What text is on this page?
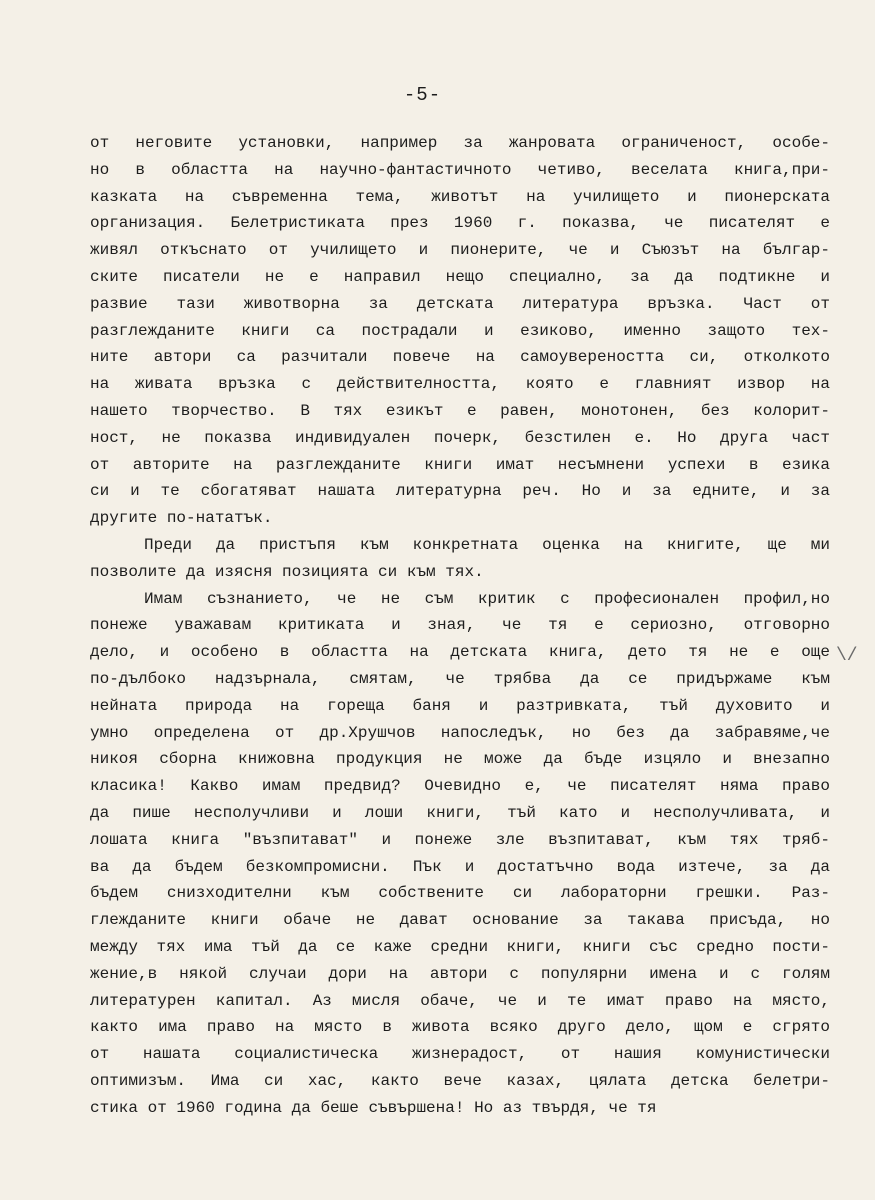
-5-
от неговите установки, например за жанровата ограниченост, особе-
но в областта на научно-фантастичното четиво, веселата книга,при-
казката на съвременна тема, животът на училището и пионерската
организация. Белетристиката през 1960 г. показва, че писателят е
живял откъснато от училището и пионерите, че и Съюзът на българ-
ските писатели не е направил нещо специално, за да подтикне и
развие тази животворна за детската литература връзка. Част от
разглежданите книги са пострадали и езиково, именно защото тех-
ните автори са разчитали повече на самоувереността си, отколкото
на живата връзка с действителността, която е главният извор на
нашето творчество. В тях езикът е равен, монотонен, без колорит-
ност, не показва индивидуален почерк, безстилен е. Но друга част
от авторите на разглежданите книги имат несъмнени успехи в езика
си и те сбогатяват нашата литературна реч. Но и за едните, и за
другите по-нататък.
Преди да пристъпя към конкретната оценка на книгите, ще ми
позволите да изясня позицията си към тях.
Имам съзнанието, че не съм критик с професионален профил,но
понеже уважавам критиката и зная, че тя е сериозно, отговорно
дело, и особено в областта на детската книга, дето тя не е още
по-дълбоко надзърнала, смятам, че трябва да се придържаме към
нейната природа на гореща баня и разтривката, тъй духовито и
умно определена от др.Хрушчов напоследък, но без да забравяме,че
никоя сборна книжовна продукция не може да бъде изцяло и внезапно
класика! Какво имам предвид? Очевидно е, че писателят няма право
да пише несполучливи и лоши книги, тъй като и несполучливата, и
лошата книга "възпитават" и понеже зле възпитават, към тях тряб-
ва да бъдем безкомпромисни. Пък и достатъчно вода изтече, за да
бъдем снизходителни към собствените си лабораторни грешки. Раз-
глежданите книги обаче не дават основание за такава присъда, но
между тях има тъй да се каже средни книги, книги със средно пости-
жение,в някой случаи дори на автори с популярни имена и с голям
литературен капитал. Аз мисля обаче, че и те имат право на място,
както има право на място в живота всяко друго дело, щом е сгрято
от нашата социалистическа жизнерадост, от нашия комунистически
оптимизъм. Има си хас, както вече казах, цялата детска белетри-
стика от 1960 година да беше съвършена! Но аз твърдя, че тя
\/
